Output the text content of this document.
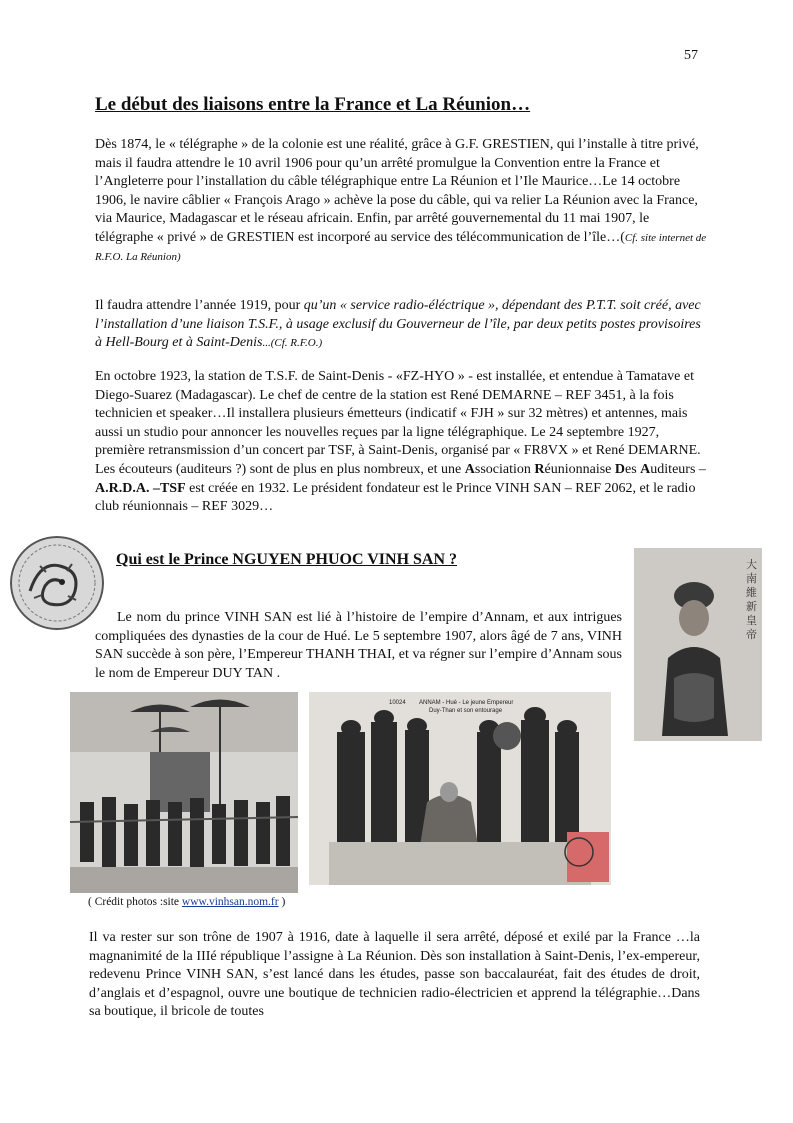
57
Le début des liaisons entre la France et La Réunion…
Dès 1874, le « télégraphe » de la colonie est une réalité, grâce à G.F. GRESTIEN, qui l’installe à titre privé, mais il faudra attendre le 10 avril 1906 pour qu’un arrêté promulgue la Convention entre la France et l’Angleterre pour l’installation du câble télégraphique entre La Réunion et l’Ile Maurice…Le 14 octobre 1906, le navire câblier « François Arago » achève la pose du câble, qui va relier La Réunion avec la France, via Maurice, Madagascar et le réseau africain. Enfin, par arrêté gouvernemental du 11 mai 1907, le télégraphe « privé » de GRESTIEN est incorporé au service des télécommunication de l’île…(Cf. site internet de R.F.O. La Réunion)
Il faudra attendre l’année 1919, pour qu’un « service radio-éléctrique », dépendant des P.T.T. soit créé, avec l’installation d’une liaison T.S.F., à usage exclusif du Gouverneur de l’île, par deux petits postes provisoires à Hell-Bourg et à Saint-Denis...(Cf. R.F.O.)
En octobre 1923, la station de T.S.F. de Saint-Denis - «FZ-HYO » - est installée, et entendue à Tamatave et Diego-Suarez (Madagascar). Le chef de centre de la station est René DEMARNE – REF 3451, à la fois technicien et speaker…Il installera plusieurs émetteurs (indicatif « FJH » sur 32 mètres) et antennes, mais aussi un studio pour annoncer les nouvelles reçues par la ligne télégraphique. Le 24 septembre 1927, première retransmission d’un concert par TSF, à Saint-Denis, organisé par « FR8VX » et René DEMARNE. Les écouteurs (auditeurs ?) sont de plus en plus nombreux, et une Association Réunionnaise Des Auditeurs – A.R.D.A. –TSF est créée en 1932. Le président fondateur est le Prince VINH SAN – REF 2062, et le radio club réunionnais – REF 3029…
Qui est le Prince NGUYEN PHUOC VINH SAN ?
Le nom du prince VINH SAN est lié à l’histoire de l’empire d’Annam, et aux intrigues compliquées des dynasties de la cour de Hué. Le 5 septembre 1907, alors âgé de 7 ans, VINH SAN succède à son père, l’Empereur THANH THAI, et va régner sur l’empire d’Annam sous le nom de Empereur DUY TAN .
大
南
維
新
皇
帝
10024 ANNAM - Hué - Le jeune Empereur
Duy-Than et son entourage
( Crédit photos :site www.vinhsan.nom.fr )
Il va rester sur son trône de 1907 à 1916, date à laquelle il sera arrêté, déposé et exilé par la France …la magnanimité de la IIIé république l’assigne à La Réunion. Dès son installation à Saint-Denis, l’ex-empereur, redevenu Prince VINH SAN, s’est lancé dans les études, passe son baccalauréat, fait des études de droit, d’anglais et d’espagnol, ouvre une boutique de technicien radio-électricien et apprend la télégraphie…Dans sa boutique, il bricole de toutes
